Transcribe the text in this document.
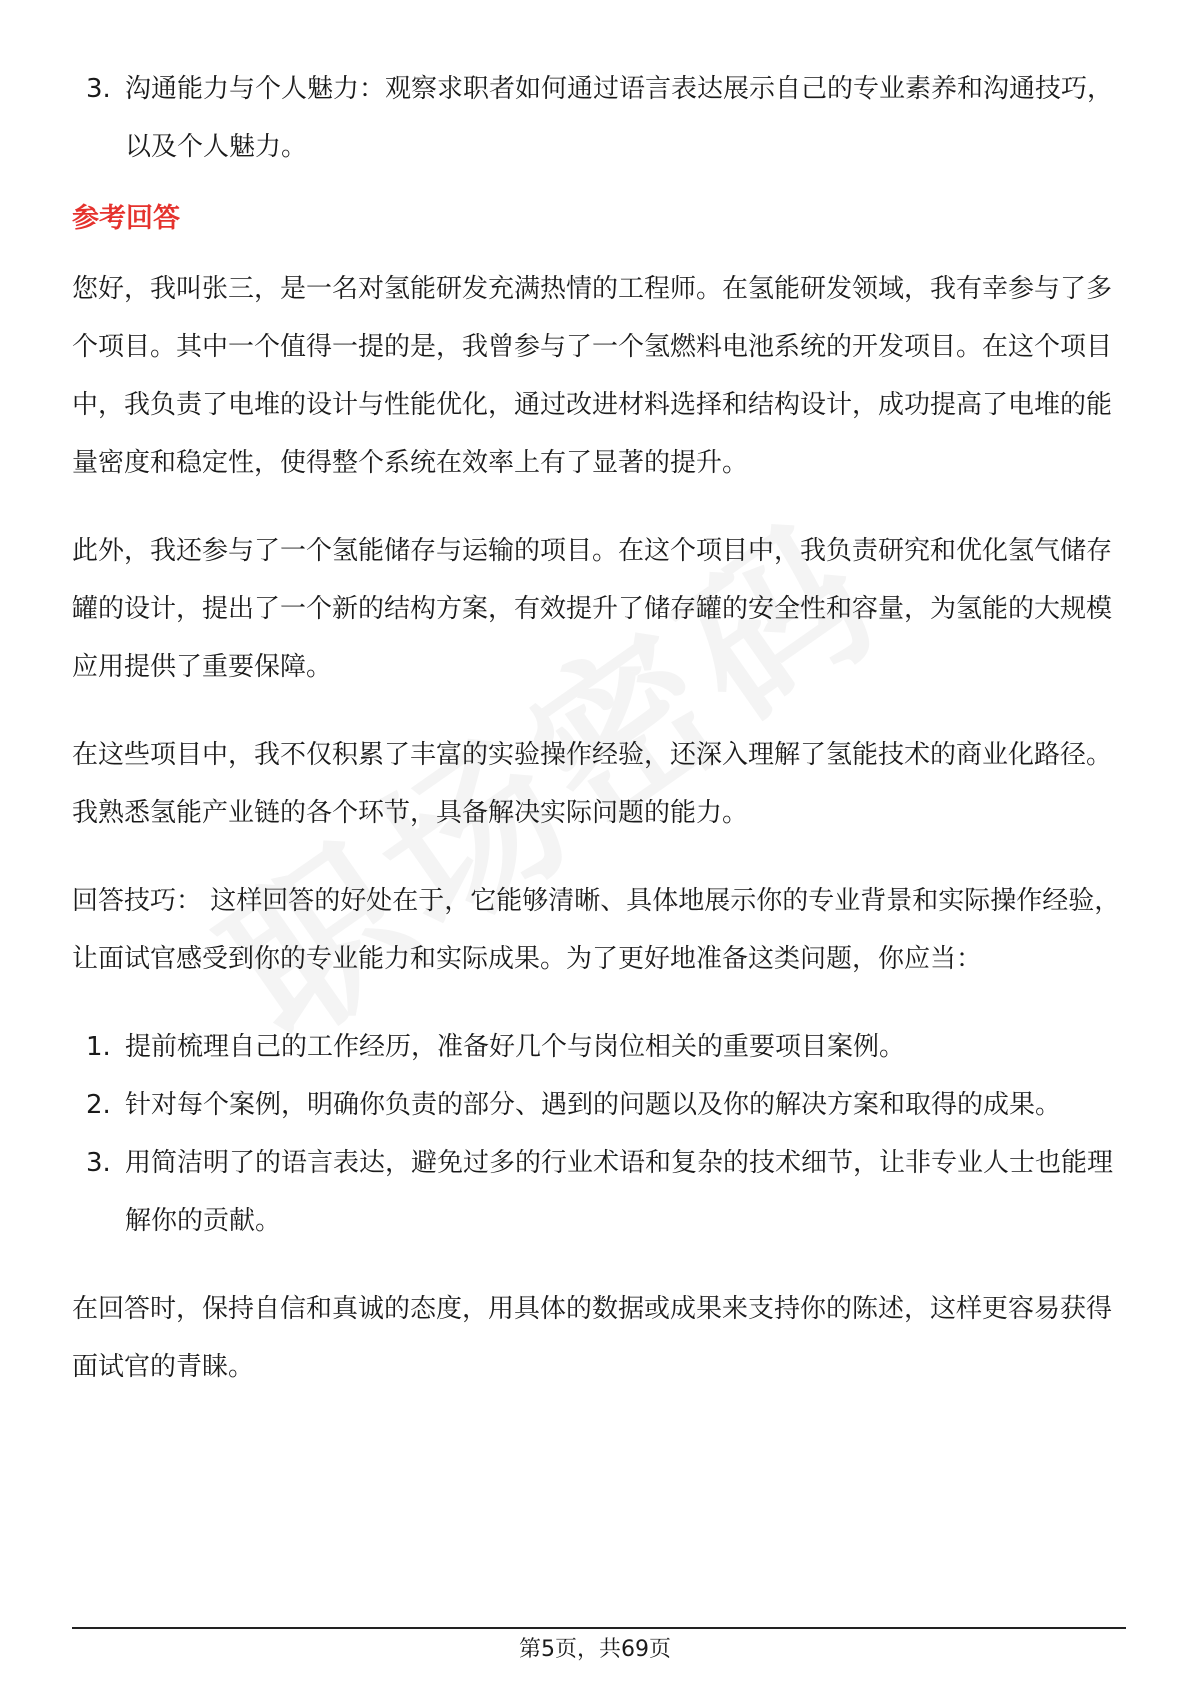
3. 沟通能力与个人魅力：观察求职者如何通过语言表达展示自己的专业素养和沟通技巧，以及个人魅力。
参考回答

您好，我叫张三，是一名对氢能研发充满热情的工程师。在氢能研发领域，我有幸参与了多个项目。其中一个值得一提的是，我曾参与了一个氢燃料电池系统的开发项目。在这个项目中，我负责了电堆的设计与性能优化，通过改进材料选择和结构设计，成功提高了电堆的能量密度和稳定性，使得整个系统在效率上有了显著的提升。

此外，我还参与了一个氢能储存与运输的项目。在这个项目中，我负责研究和优化氢气储存罐的设计，提出了一个新的结构方案，有效提升了储存罐的安全性和容量，为氢能的大规模应用提供了重要保障。

在这些项目中，我不仅积累了丰富的实验操作经验，还深入理解了氢能技术的商业化路径。我熟悉氢能产业链的各个环节，具备解决实际问题的能力。

回答技巧： 这样回答的好处在于，它能够清晰、具体地展示你的专业背景和实际操作经验，让面试官感受到你的专业能力和实际成果。为了更好地准备这类问题，你应当：

1. 提前梳理自己的工作经历，准备好几个与岗位相关的重要项目案例。
2. 针对每个案例，明确你负责的部分、遇到的问题以及你的解决方案和取得的成果。
3. 用简洁明了的语言表达，避免过多的行业术语和复杂的技术细节，让非专业人士也能理解你的贡献。

在回答时，保持自信和真诚的态度，用具体的数据或成果来支持你的陈述，这样更容易获得面试官的青睐。

第5页，共69页
